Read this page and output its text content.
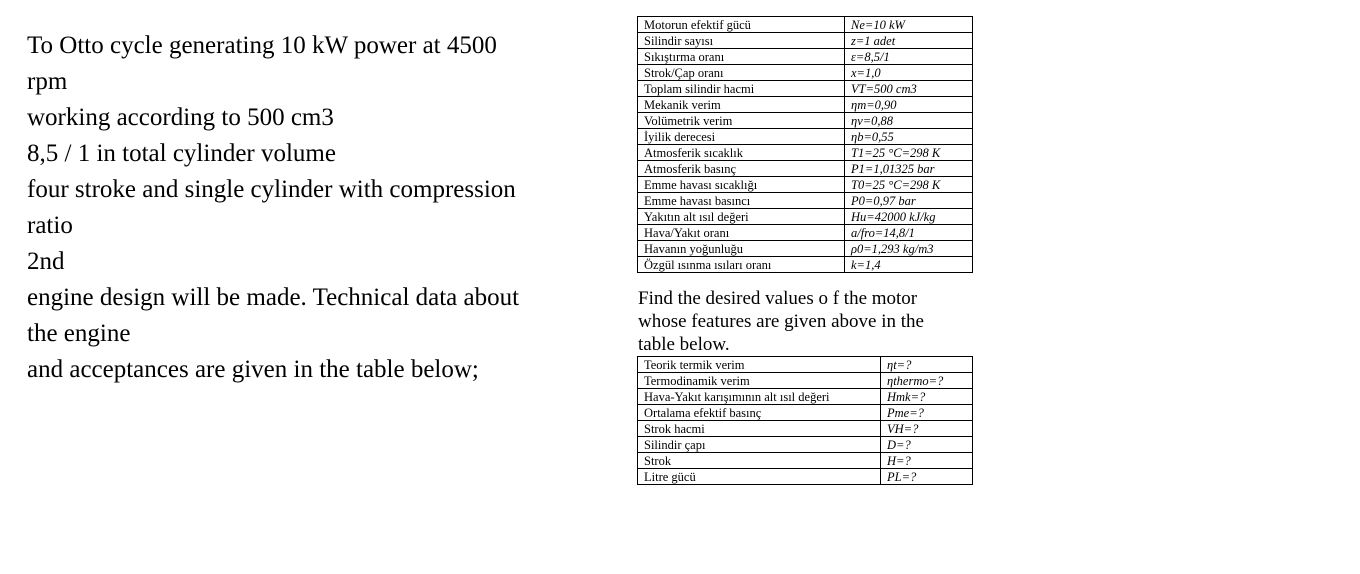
To Otto cycle generating 10 kW power at 4500
rpm
working according to 500 cm3
8,5 / 1 in total cylinder volume
four stroke and single cylinder with compression
ratio
2nd
engine design will be made. Technical data about
the engine
and acceptances are given in the table below;
Motorun efektif gücü	Ne=10 kW
Silindir sayısı	z=1 adet
Sıkıştırma oranı	ε=8,5/1
Strok/Çap oranı	x=1,0
Toplam silindir hacmi	VT=500 cm3
Mekanik verim	ηm=0,90
Volümetrik verim	ηv=0,88
İyilik derecesi	ηb=0,55
Atmosferik sıcaklık	T1=25 °C=298 K
Atmosferik basınç	P1=1,01325 bar
Emme havası sıcaklığı	T0=25 °C=298 K
Emme havası basıncı	P0=0,97 bar
Yakıtın alt ısıl değeri	Hu=42000 kJ/kg
Hava/Yakıt oranı	a/fro=14,8/1
Havanın yoğunluğu	ρ0=1,293 kg/m3
Özgül ısınma ısıları oranı	k=1,4
Find the desired values o f the motor
whose features are given above in the
table below.
Teorik termik verim	ηt=?
Termodinamik verim	ηthermo=?
Hava-Yakıt karışımının alt ısıl değeri	Hmk=?
Ortalama efektif basınç	Pme=?
Strok hacmi	VH=?
Silindir çapı	D=?
Strok	H=?
Litre gücü	PL=?
